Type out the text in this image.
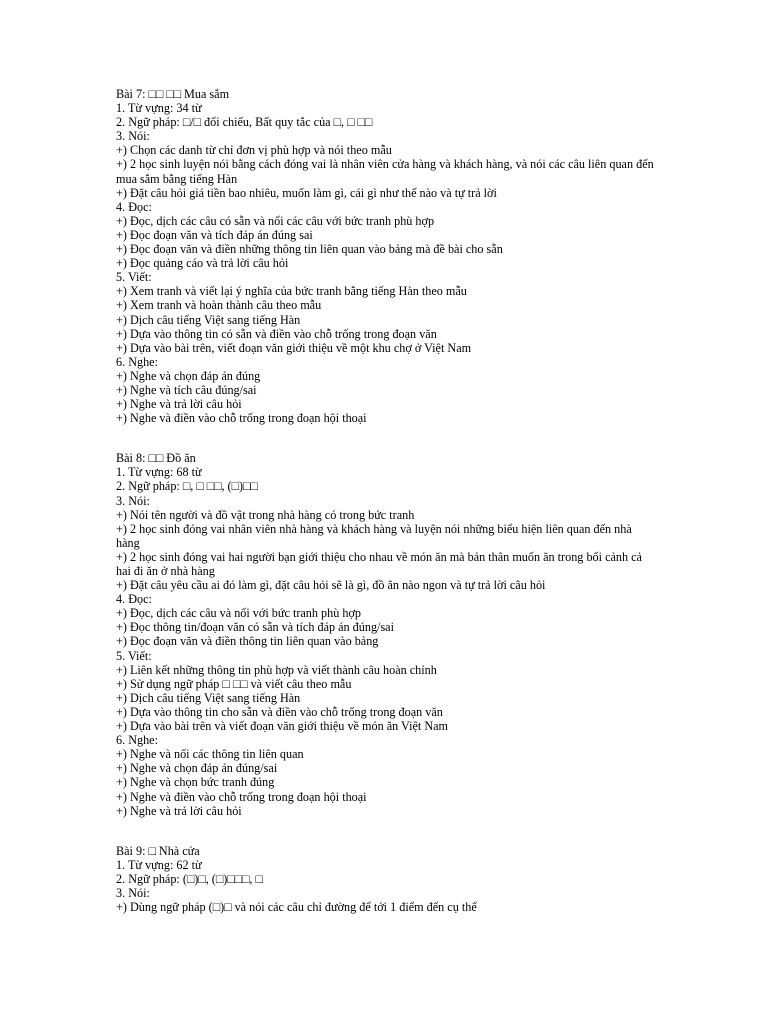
Bài 7: □□ □□ Mua sắm
1. Từ vựng: 34 từ
2. Ngữ pháp: □/□ đối chiếu, Bất quy tắc của □, □ □□
3. Nói:
+) Chọn các danh từ chỉ đơn vị phù hợp và nói theo mẫu
+) 2 học sinh luyện nói bằng cách đóng vai là nhân viên cửa hàng và khách hàng, và nói các câu liên quan đến mua sắm bằng tiếng Hàn
+) Đặt câu hỏi giá tiền bao nhiêu, muốn làm gì, cái gì như thế nào và tự trả lời
4. Đọc:
+) Đọc, dịch các câu có sẵn và nối các câu với bức tranh phù hợp
+) Đọc đoạn văn và tích đáp án đúng sai
+) Đọc đoạn văn và điền những thông tin liên quan vào bảng mà đề bài cho sẵn
+) Đọc quảng cáo và trả lời câu hỏi
5. Viết:
+) Xem tranh và viết lại ý nghĩa của bức tranh bằng tiếng Hàn theo mẫu
+) Xem tranh và hoàn thành câu theo mẫu
+) Dịch câu tiếng Việt sang tiếng Hàn
+) Dựa vào thông tin có sẵn và điền vào chỗ trống trong đoạn văn
+) Dựa vào bài trên, viết đoạn văn giới thiệu về một khu chợ ở Việt Nam
6. Nghe:
+) Nghe và chọn đáp án đúng
+) Nghe và tích câu đúng/sai
+) Nghe và trả lời câu hỏi
+) Nghe và điền vào chỗ trống trong đoạn hội thoại
Bài 8: □□ Đồ ăn
1. Từ vựng: 68 từ
2. Ngữ pháp: □, □ □□, (□)□□
3. Nói:
+) Nói tên người và đồ vật trong nhà hàng có trong bức tranh
+) 2 học sinh đóng vai nhân viên nhà hàng và khách hàng và luyện nói những biểu hiện liên quan đến nhà hàng
+) 2 học sinh đóng vai hai người bạn giới thiệu cho nhau về món ăn mà bản thân muốn ăn trong bối cảnh cả hai đi ăn ở nhà hàng
+) Đặt câu yêu cầu ai đó làm gì, đặt câu hỏi sẽ là gì, đồ ăn nào ngon và tự trả lời câu hỏi
4. Đọc:
+) Đọc, dịch các câu và nối với bức tranh phù hợp
+) Đọc thông tin/đoạn văn có sẵn và tích đáp án đúng/sai
+) Đọc đoạn văn và điền thông tin liên quan vào bảng
5. Viết:
+) Liên kết những thông tin phù hợp và viết thành câu hoàn chỉnh
+) Sử dụng ngữ pháp □ □□ và viết câu theo mẫu
+) Dịch câu tiếng Việt sang tiếng Hàn
+) Dựa vào thông tin cho sẵn và điền vào chỗ trống trong đoạn văn
+) Dựa vào bài trên và viết đoạn văn giới thiệu về món ăn Việt Nam
6. Nghe:
+) Nghe và nối các thông tin liên quan
+) Nghe và chọn đáp án đúng/sai
+) Nghe và chọn bức tranh đúng
+) Nghe và điền vào chỗ trống trong đoạn hội thoại
+) Nghe và trả lời câu hỏi
Bài 9: □ Nhà cửa
1. Từ vựng: 62 từ
2. Ngữ pháp: (□)□, (□)□□□, □
3. Nói:
+) Dùng ngữ pháp (□)□ và nói các câu chỉ đường để tới 1 điểm đến cụ thể
